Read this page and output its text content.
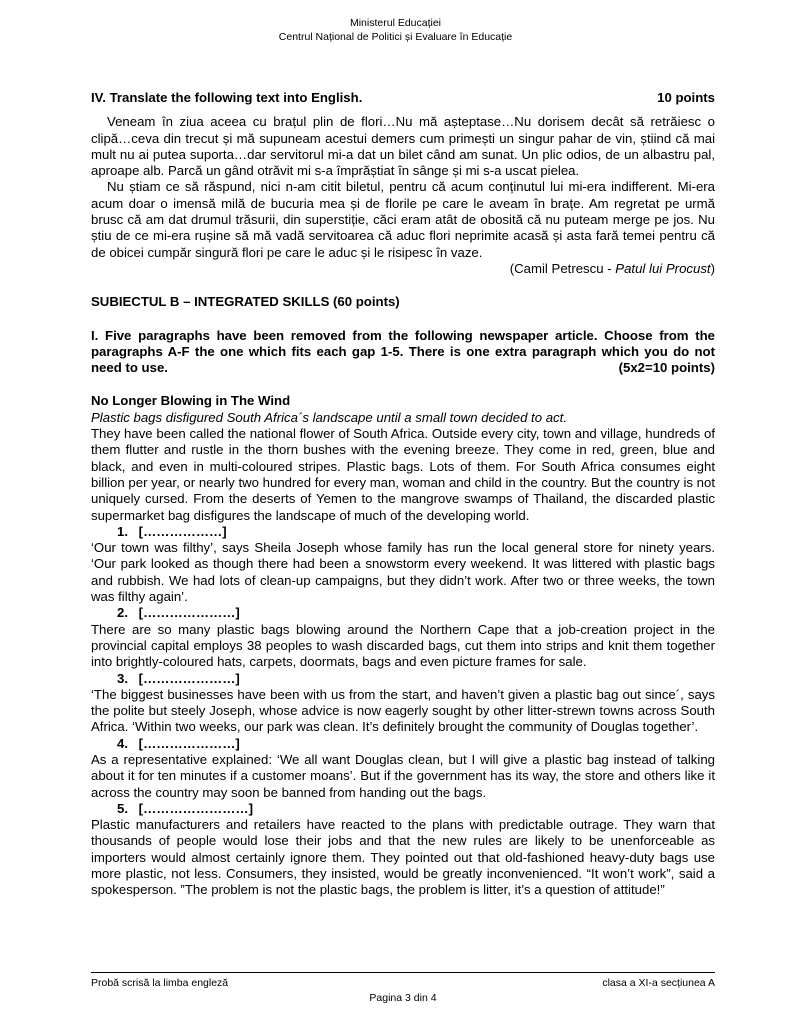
Ministerul Educației
Centrul Național de Politici și Evaluare în Educație
IV. Translate the following text into English.	10 points

Veneam în ziua aceea cu brațul plin de flori…Nu mă așteptase…Nu dorisem decât să retrăiesc o clipă…ceva din trecut și mă supuneam acestui demers cum primești un singur pahar de vin, știind că mai mult nu ai putea suporta…dar servitorul mi-a dat un bilet când am sunat. Un plic odios, de un albastru pal, aproape alb. Parcă un gând otrăvit mi s-a împrăștiat în sânge și mi s-a uscat pielea.

Nu știam ce să răspund, nici n-am citit biletul, pentru că acum conținutul lui mi-era indifferent. Mi-era acum doar o imensă milă de bucuria mea și de florile pe care le aveam în brațe. Am regretat pe urmă brusc că am dat drumul trăsurii, din superstiție, căci eram atât de obosită că nu puteam merge pe jos. Nu știu de ce mi-era rușine să mă vadă servitoarea că aduc flori neprimite acasă și asta fară temei pentru că de obicei cumpăr singură flori pe care le aduc și le risipesc în vaze.

(Camil Petrescu - Patul lui Procust)

SUBIECTUL B – INTEGRATED SKILLS (60 points)

I. Five paragraphs have been removed from the following newspaper article. Choose from the paragraphs A-F the one which fits each gap 1-5. There is one extra paragraph which you do not need to use.	(5x2=10 points)

No Longer Blowing in The Wind

Plastic bags disfigured South Africa´s landscape until a small town decided to act.

They have been called the national flower of South Africa. Outside every city, town and village, hundreds of them flutter and rustle in the thorn bushes with the evening breeze. They come in red, green, blue and black, and even in multi-coloured stripes. Plastic bags. Lots of them. For South Africa consumes eight billion per year, or nearly two hundred for every man, woman and child in the country. But the country is not uniquely cursed. From the deserts of Yemen to the mangrove swamps of Thailand, the discarded plastic supermarket bag disfigures the landscape of much of the developing world.

1. [………………]

‘Our town was filthy’, says Sheila Joseph whose family has run the local general store for ninety years. ‘Our park looked as though there had been a snowstorm every weekend. It was littered with plastic bags and rubbish. We had lots of clean-up campaigns, but they didn’t work. After two or three weeks, the town was filthy again’.

2. […………………]

There are so many plastic bags blowing around the Northern Cape that a job-creation project in the provincial capital employs 38 peoples to wash discarded bags, cut them into strips and knit them together into brightly-coloured hats, carpets, doormats, bags and even picture frames for sale.

3. […………………]

‘The biggest businesses have been with us from the start, and haven’t given a plastic bag out since´, says the polite but steely Joseph, whose advice is now eagerly sought by other litter-strewn towns across South Africa. ‘Within two weeks, our park was clean. It’s definitely brought the community of Douglas together’.

4. […………………]

As a representative explained: ‘We all want Douglas clean, but I will give a plastic bag instead of talking about it for ten minutes if a customer moans’. But if the government has its way, the store and others like it across the country may soon be banned from handing out the bags.

5. [……………………]

Plastic manufacturers and retailers have reacted to the plans with predictable outrage. They warn that thousands of people would lose their jobs and that the new rules are likely to be unenforceable as importers would almost certainly ignore them. They pointed out that old-fashioned heavy-duty bags use more plastic, not less. Consumers, they insisted, would be greatly inconvenienced. “It won’t work”, said a spokesperson. ”The problem is not the plastic bags, the problem is litter, it’s a question of attitude!”

Probă scrisă la limba engleză	clasa a XI-a secțiunea A
Pagina 3 din 4
